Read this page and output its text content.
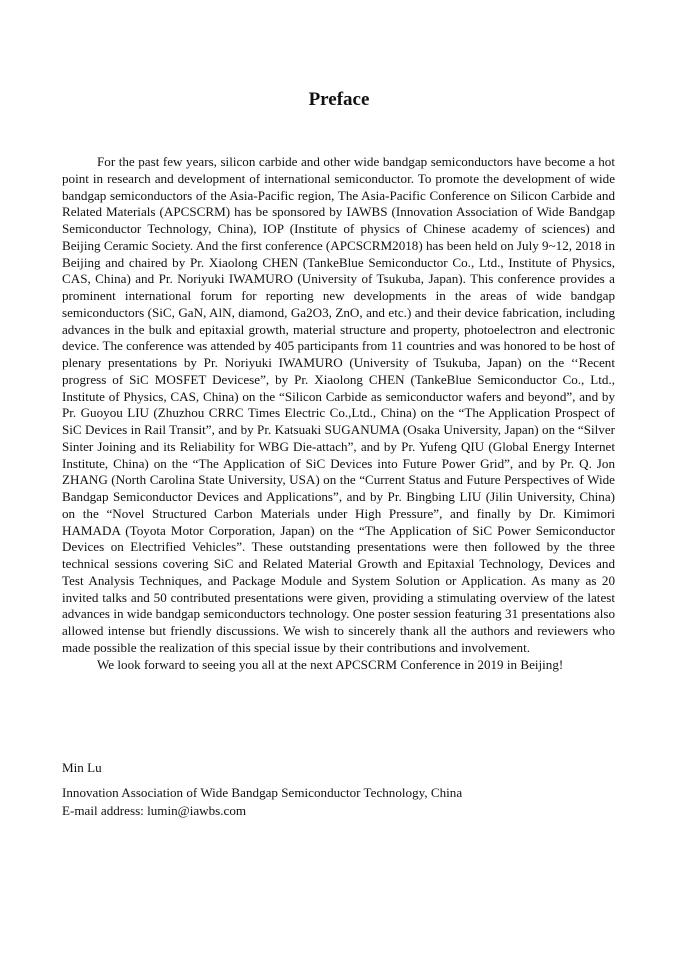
Preface

For the past few years, silicon carbide and other wide bandgap semiconductors have become a hot point in research and development of international semiconductor. To promote the development of wide bandgap semiconductors of the Asia-Pacific region, The Asia-Pacific Conference on Silicon Carbide and Related Materials (APCSCRM) has be sponsored by IAWBS (Innovation Association of Wide Bandgap Semiconductor Technology, China), IOP (Institute of physics of Chinese academy of sciences) and Beijing Ceramic Society. And the first conference (APCSCRM2018) has been held on July 9~12, 2018 in Beijing and chaired by Pr. Xiaolong CHEN (TankeBlue Semiconductor Co., Ltd., Institute of Physics, CAS, China) and Pr. Noriyuki IWAMURO (University of Tsukuba, Japan). This conference provides a prominent international forum for reporting new developments in the areas of wide bandgap semiconductors (SiC, GaN, AlN, diamond, Ga2O3, ZnO, and etc.) and their device fabrication, including advances in the bulk and epitaxial growth, material structure and property, photoelectron and electronic device. The conference was attended by 405 participants from 11 countries and was honored to be host of plenary presentations by Pr. Noriyuki IWAMURO (University of Tsukuba, Japan) on the ‘‘Recent progress of SiC MOSFET Devicese”, by Pr. Xiaolong CHEN (TankeBlue Semiconductor Co., Ltd., Institute of Physics, CAS, China) on the “Silicon Carbide as semiconductor wafers and beyond”, and by Pr. Guoyou LIU (Zhuzhou CRRC Times Electric Co.,Ltd., China) on the “The Application Prospect of SiC Devices in Rail Transit”, and by Pr. Katsuaki SUGANUMA (Osaka University, Japan) on the “Silver Sinter Joining and its Reliability for WBG Die-attach”, and by Pr. Yufeng QIU (Global Energy Internet Institute, China) on the “The Application of SiC Devices into Future Power Grid”, and by Pr. Q. Jon ZHANG (North Carolina State University, USA) on the “Current Status and Future Perspectives of Wide Bandgap Semiconductor Devices and Applications”, and by Pr. Bingbing LIU (Jilin University, China) on the “Novel Structured Carbon Materials under High Pressure”, and finally by Dr. Kimimori HAMADA (Toyota Motor Corporation, Japan) on the “The Application of SiC Power Semiconductor Devices on Electrified Vehicles”. These outstanding presentations were then followed by the three technical sessions covering SiC and Related Material Growth and Epitaxial Technology, Devices and Test Analysis Techniques, and Package Module and System Solution or Application. As many as 20 invited talks and 50 contributed presentations were given, providing a stimulating overview of the latest advances in wide bandgap semiconductors technology. One poster session featuring 31 presentations also allowed intense but friendly discussions. We wish to sincerely thank all the authors and reviewers who made possible the realization of this special issue by their contributions and involvement.

We look forward to seeing you all at the next APCSCRM Conference in 2019 in Beijing!

Min Lu
Innovation Association of Wide Bandgap Semiconductor Technology, China
E-mail address: lumin@iawbs.com
